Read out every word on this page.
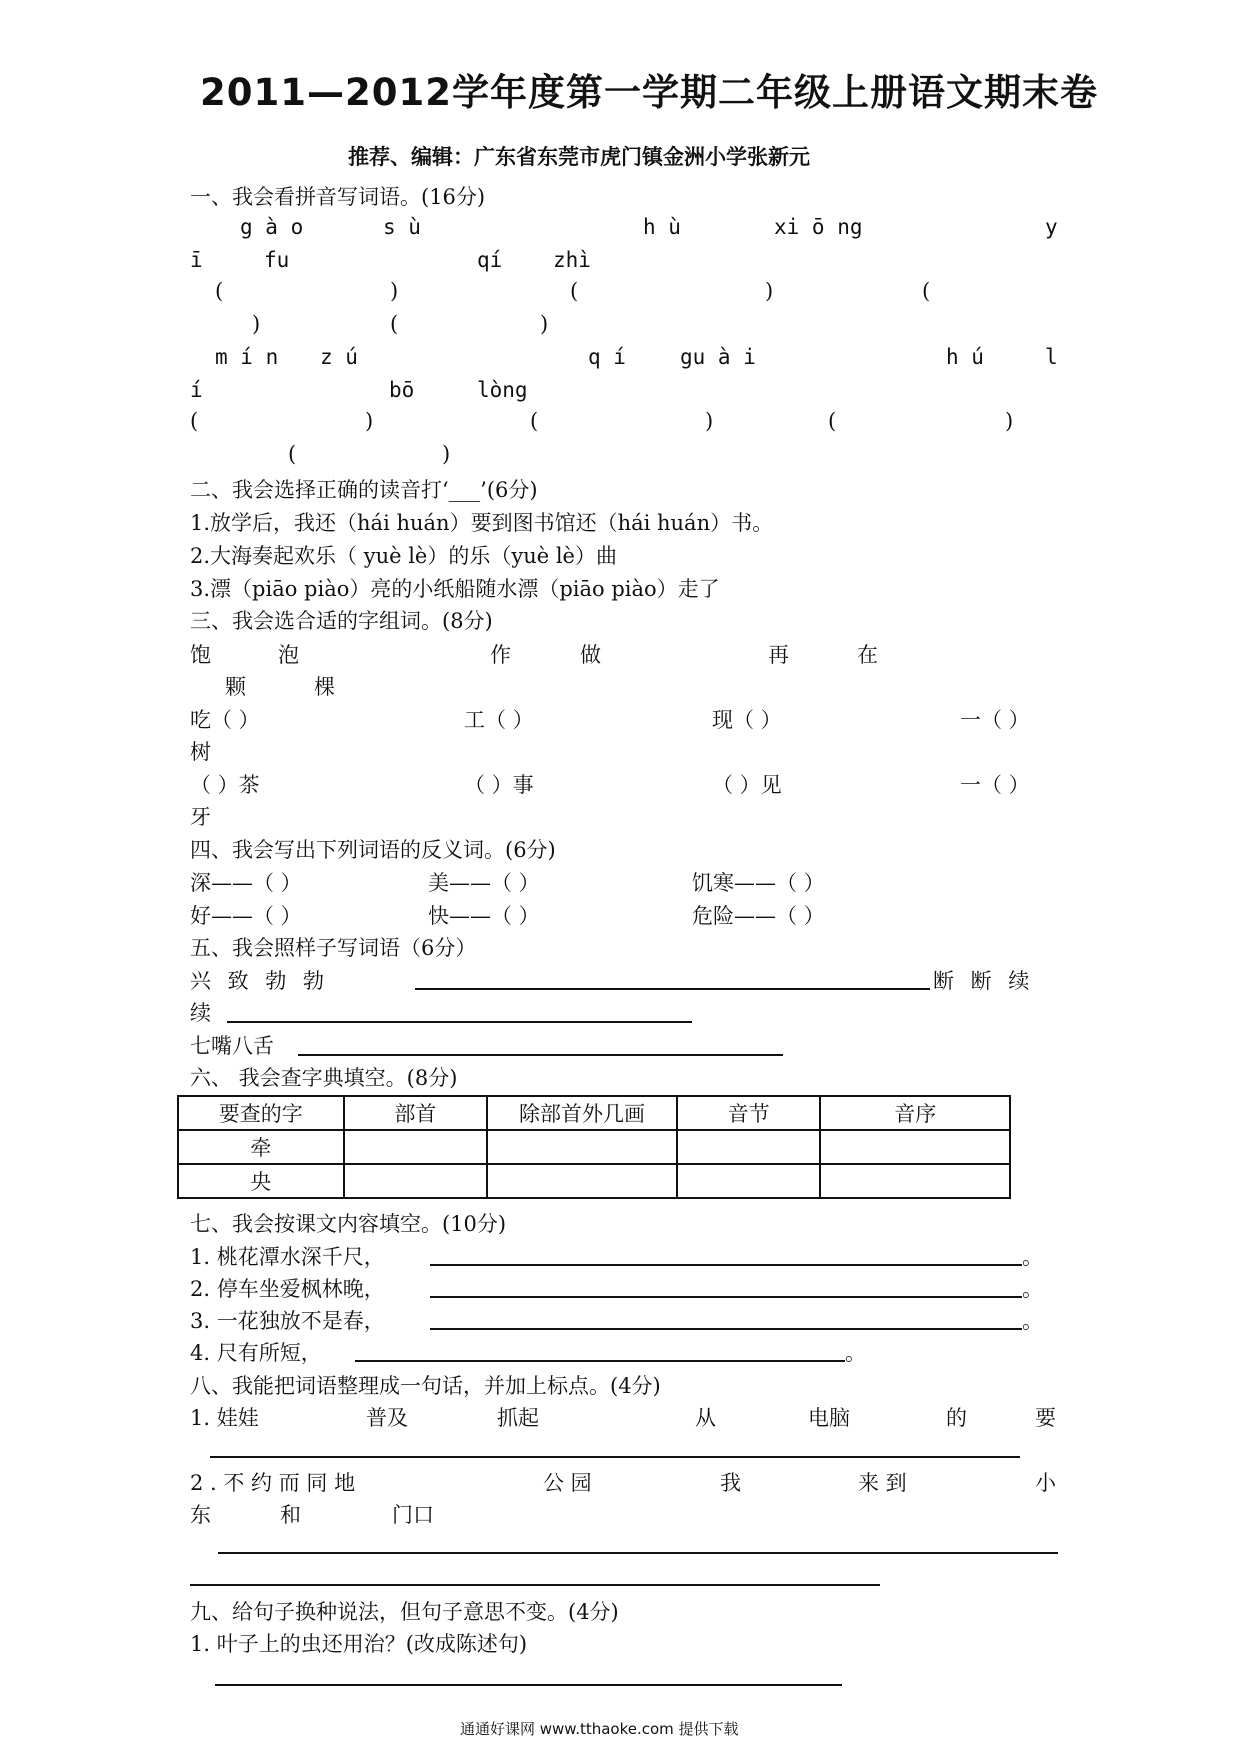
2011—2012学年度第一学期二年级上册语文期末卷
推荐、编辑：广东省东莞市虎门镇金洲小学张新元
一、我会看拼音写词语。(16分)
g à o	s ù	h ù	xi ō ng	y
ī	fu	qí zhì
(	)	(	)	(
)	(	)
m í n z ú	q í	gu à i	h ú	l
í	bō	lòng
(	)	(	)	(	)
(	)
二、我会选择正确的读音打‘___’(6分)
1.放学后，我还（hái huán）要到图书馆还（hái huán）书。
2.大海奏起欢乐（ yuè lè）的乐（yuè lè）曲
3.漂（piāo piào）亮的小纸船随水漂（piāo piào）走了
三、我会选合适的字组词。(8分)
饱	泡	作	做	再	在
颗	棵
吃（ ）	工（ ）	现（ ）	一（ ）
树
（ ）茶	（ ）事	（ ）见	一（ ）
牙
四、我会写出下列词语的反义词。(6分)
深——（ ）	美——（ ）	饥寒——（ ）
好——（ ）	快——（ ）	危险——（ ）
五、我会照样子写词语（6分）
兴 致 勃 勃	断 断 续
续
七嘴八舌
六、 我会查字典填空。(8分)
要查的字	部首	除部首外几画	音节	音序
牵				
央				
七、我会按课文内容填空。(10分)
1. 桃花潭水深千尺，	。
2. 停车坐爱枫林晚，	。
3. 一花独放不是春，	。
4. 尺有所短，	。
八、我能把词语整理成一句话，并加上标点。(4分)
1. 娃娃	普及	抓起	从	电脑	的	要
2 . 不 约 而 同 地	公 园	我	来 到	小
东	和	门口
九、给句子换种说法，但句子意思不变。(4分)
1. 叶子上的虫还用治？(改成陈述句)
通通好课网 www.tthaoke.com 提供下载
